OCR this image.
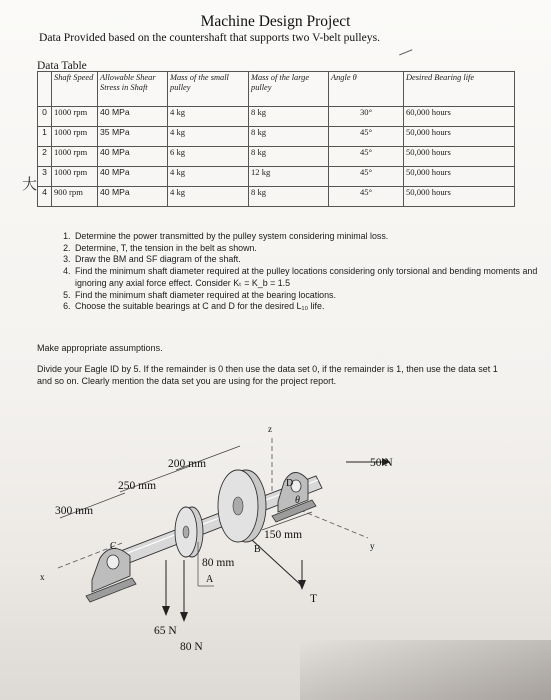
Machine Design Project
Data Provided based on the countershaft that supports two V-belt pulleys.
Data Table
	Shaft Speed	Allowable Shear Stress in Shaft	Mass of the small pulley	Mass of the large pulley	Angle θ	Desired Bearing life
0	1000 rpm	40 MPa	4 kg	8 kg	30°	60,000 hours
1	1000 rpm	35 MPa	4 kg	8 kg	45°	50,000 hours
2	1000 rpm	40 MPa	6 kg	8 kg	45°	50,000 hours
3	1000 rpm	40 MPa	4 kg	12 kg	45°	50,000 hours
4	900 rpm	40 MPa	4 kg	8 kg	45°	50,000 hours
大
1. Determine the power transmitted by the pulley system considering minimal loss.
2. Determine, T, the tension in the belt as shown.
3. Draw the BM and SF diagram of the shaft.
4. Find the minimum shaft diameter required at the pulley locations considering only torsional and bending moments and ignoring any axial force effect. Consider Kₜ = K_b = 1.5
5. Find the minimum shaft diameter required at the bearing locations.
6. Choose the suitable bearings at C and D for the desired L₁₀ life.
Make appropriate assumptions.
Divide your Eagle ID by 5. If the remainder is 0 then use the data set 0, if the remainder is 1, then use the data set 1 and so on. Clearly mention the data set you are using for the project report.
z
y
x
C
D
B
T
θ
50 N
65 N
80 N
300 mm
250 mm
200 mm
150 mm
80 mm
A
